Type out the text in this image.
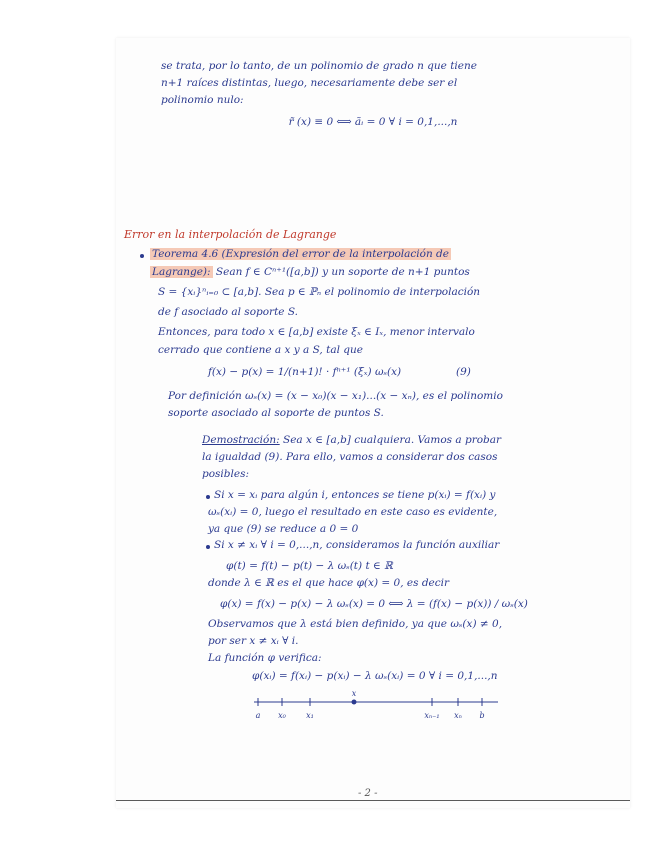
se trata, por lo tanto, de un polinomio de grado n que tiene
n+1 raíces distintas, luego, necesariamente debe ser el
polinomio nulo:
r̃ (x) ≡ 0 ⟺ ãᵢ = 0 ∀ i = 0,1,...,n
Error en la interpolación de Lagrange
Teorema 4.6 (Expresión del error de la interpolación de
Lagrange): Sean f ∈ Cⁿ⁺¹([a,b]) y un soporte de n+1 puntos
S = {xᵢ}ⁿᵢ₌₀ ⊂ [a,b]. Sea p ∈ ℙₙ el polinomio de interpolación
de f asociado al soporte S.
Entonces, para todo x ∈ [a,b] existe ξₓ ∈ Iₓ, menor intervalo
cerrado que contiene a x y a S, tal que
f(x) − p(x) = 1/(n+1)! · fⁿ⁺¹ (ξₓ) ωₛ(x)	(9)
Por definición ωₛ(x) = (x − x₀)(x − x₁)...(x − xₙ), es el polinomio
soporte asociado al soporte de puntos S.
Demostración: Sea x ∈ [a,b] cualquiera. Vamos a probar
la igualdad (9). Para ello, vamos a considerar dos casos
posibles:
Si x = xᵢ para algún i, entonces se tiene p(xᵢ) = f(xᵢ) y
ωₛ(xᵢ) = 0, luego el resultado en este caso es evidente,
ya que (9) se reduce a 0 = 0
Si x ≠ xᵢ ∀ i = 0,...,n, consideramos la función auxiliar
φ(t) = f(t) − p(t) − λ ωₛ(t) t ∈ ℝ
donde λ ∈ ℝ es el que hace φ(x) = 0, es decir
φ(x) = f(x) − p(x) − λ ωₛ(x) = 0 ⟺ λ = (f(x) − p(x)) / ωₛ(x)
Observamos que λ está bien definido, ya que ωₛ(x) ≠ 0,
por ser x ≠ xᵢ ∀ i.
La función φ verifica:
φ(xᵢ) = f(xᵢ) − p(xᵢ) − λ ωₛ(xᵢ) = 0 ∀ i = 0,1,...,n
a x₀	x₁
x
xₙ₋₁ xₙ b
- 2 -
